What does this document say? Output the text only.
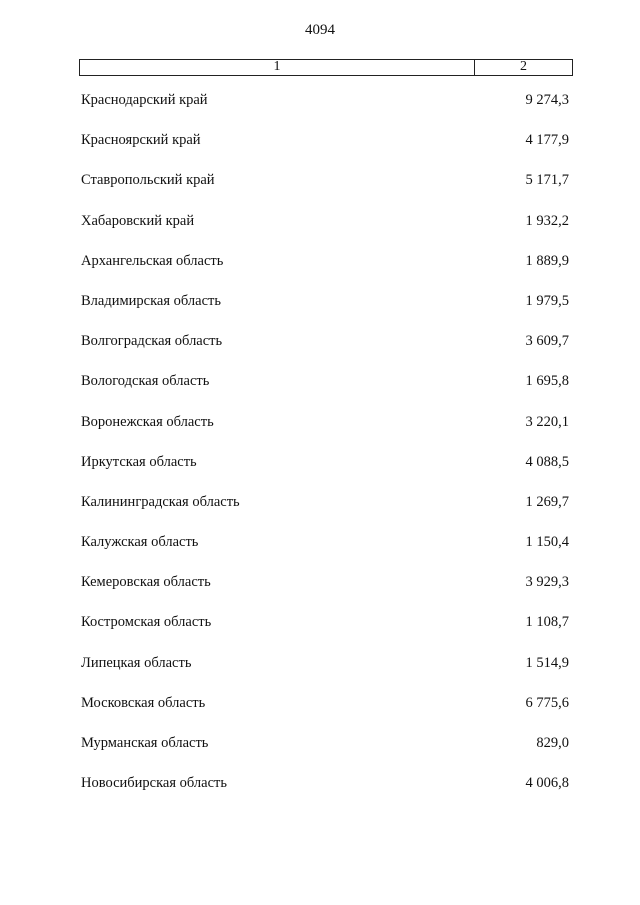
4094
1	2
Краснодарский край	9 274,3
Красноярский край	4 177,9
Ставропольский край	5 171,7
Хабаровский край	1 932,2
Архангельская область	1 889,9
Владимирская область	1 979,5
Волгоградская область	3 609,7
Вологодская область	1 695,8
Воронежская область	3 220,1
Иркутская область	4 088,5
Калининградская область	1 269,7
Калужская область	1 150,4
Кемеровская область	3 929,3
Костромская область	1 108,7
Липецкая область	1 514,9
Московская область	6 775,6
Мурманская область	829,0
Новосибирская область	4 006,8
